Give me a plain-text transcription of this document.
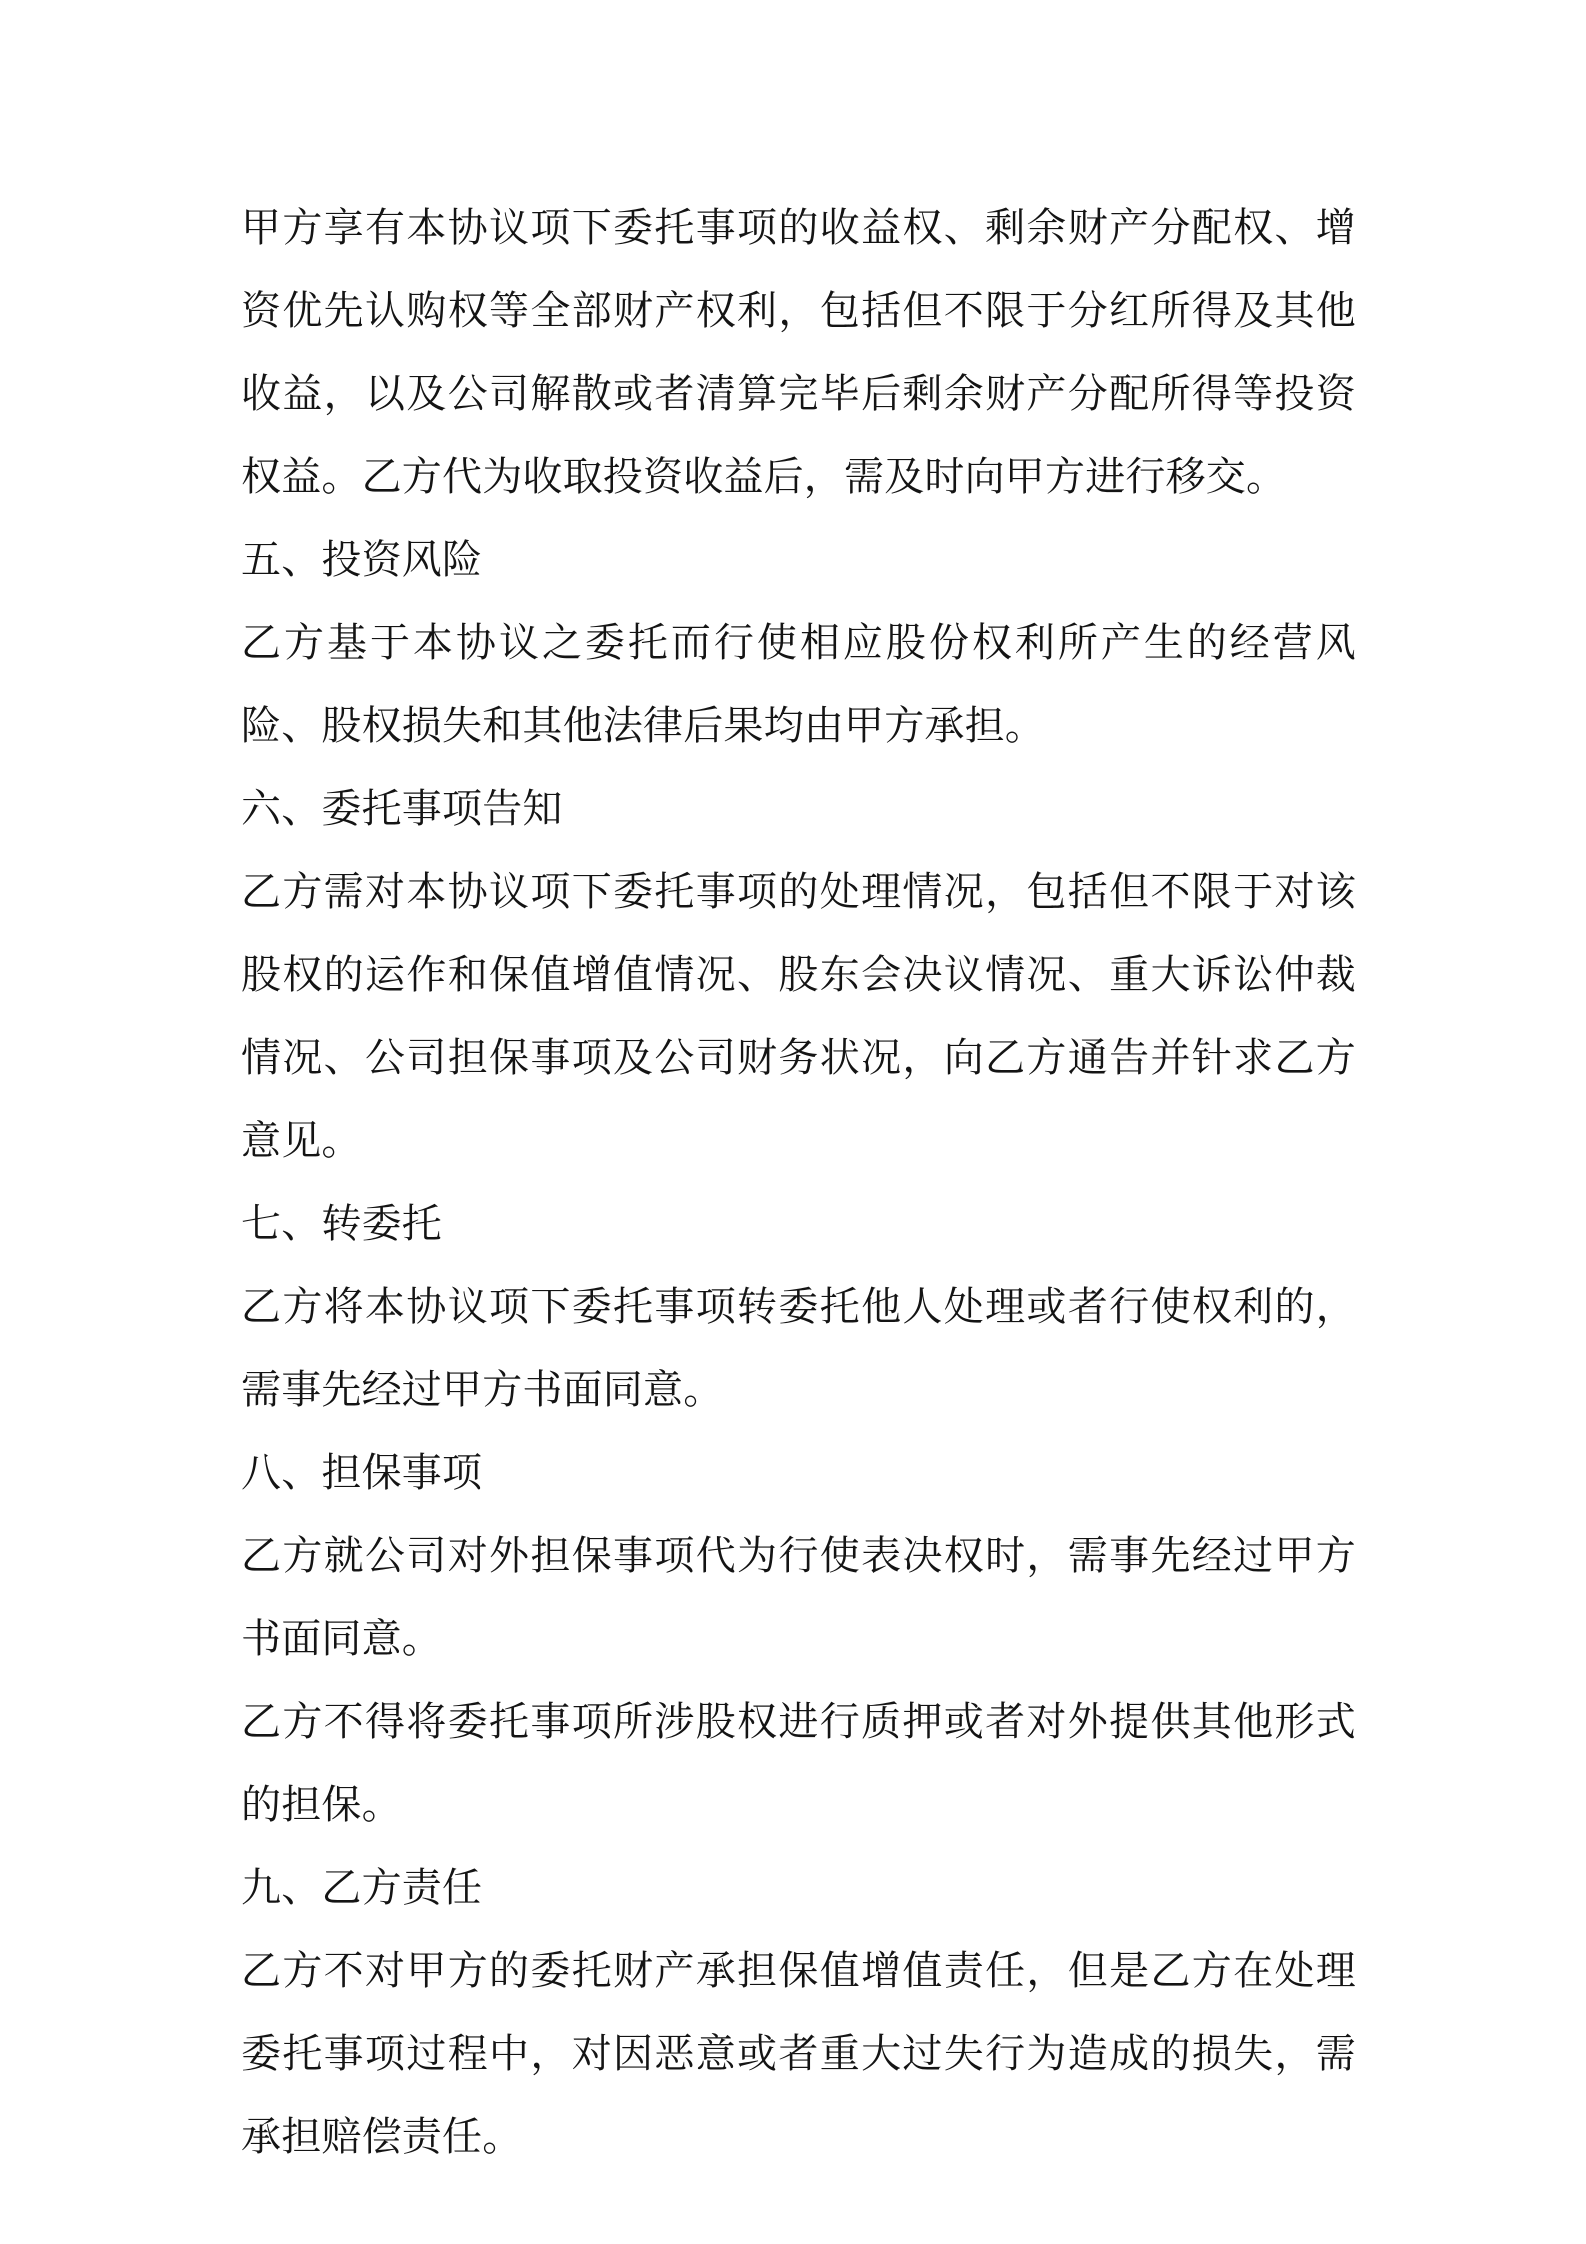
甲方享有本协议项下委托事项的收益权、剩余财产分配权、增资优先认购权等全部财产权利，包括但不限于分红所得及其他收益，以及公司解散或者清算完毕后剩余财产分配所得等投资权益。乙方代为收取投资收益后，需及时向甲方进行移交。

五、投资风险

乙方基于本协议之委托而行使相应股份权利所产生的经营风险、股权损失和其他法律后果均由甲方承担。

六、委托事项告知

乙方需对本协议项下委托事项的处理情况，包括但不限于对该股权的运作和保值增值情况、股东会决议情况、重大诉讼仲裁情况、公司担保事项及公司财务状况，向乙方通告并针求乙方意见。

七、转委托

乙方将本协议项下委托事项转委托他人处理或者行使权利的，需事先经过甲方书面同意。

八、担保事项

乙方就公司对外担保事项代为行使表决权时，需事先经过甲方书面同意。

乙方不得将委托事项所涉股权进行质押或者对外提供其他形式的担保。

九、乙方责任

乙方不对甲方的委托财产承担保值增值责任，但是乙方在处理委托事项过程中，对因恶意或者重大过失行为造成的损失，需承担赔偿责任。
